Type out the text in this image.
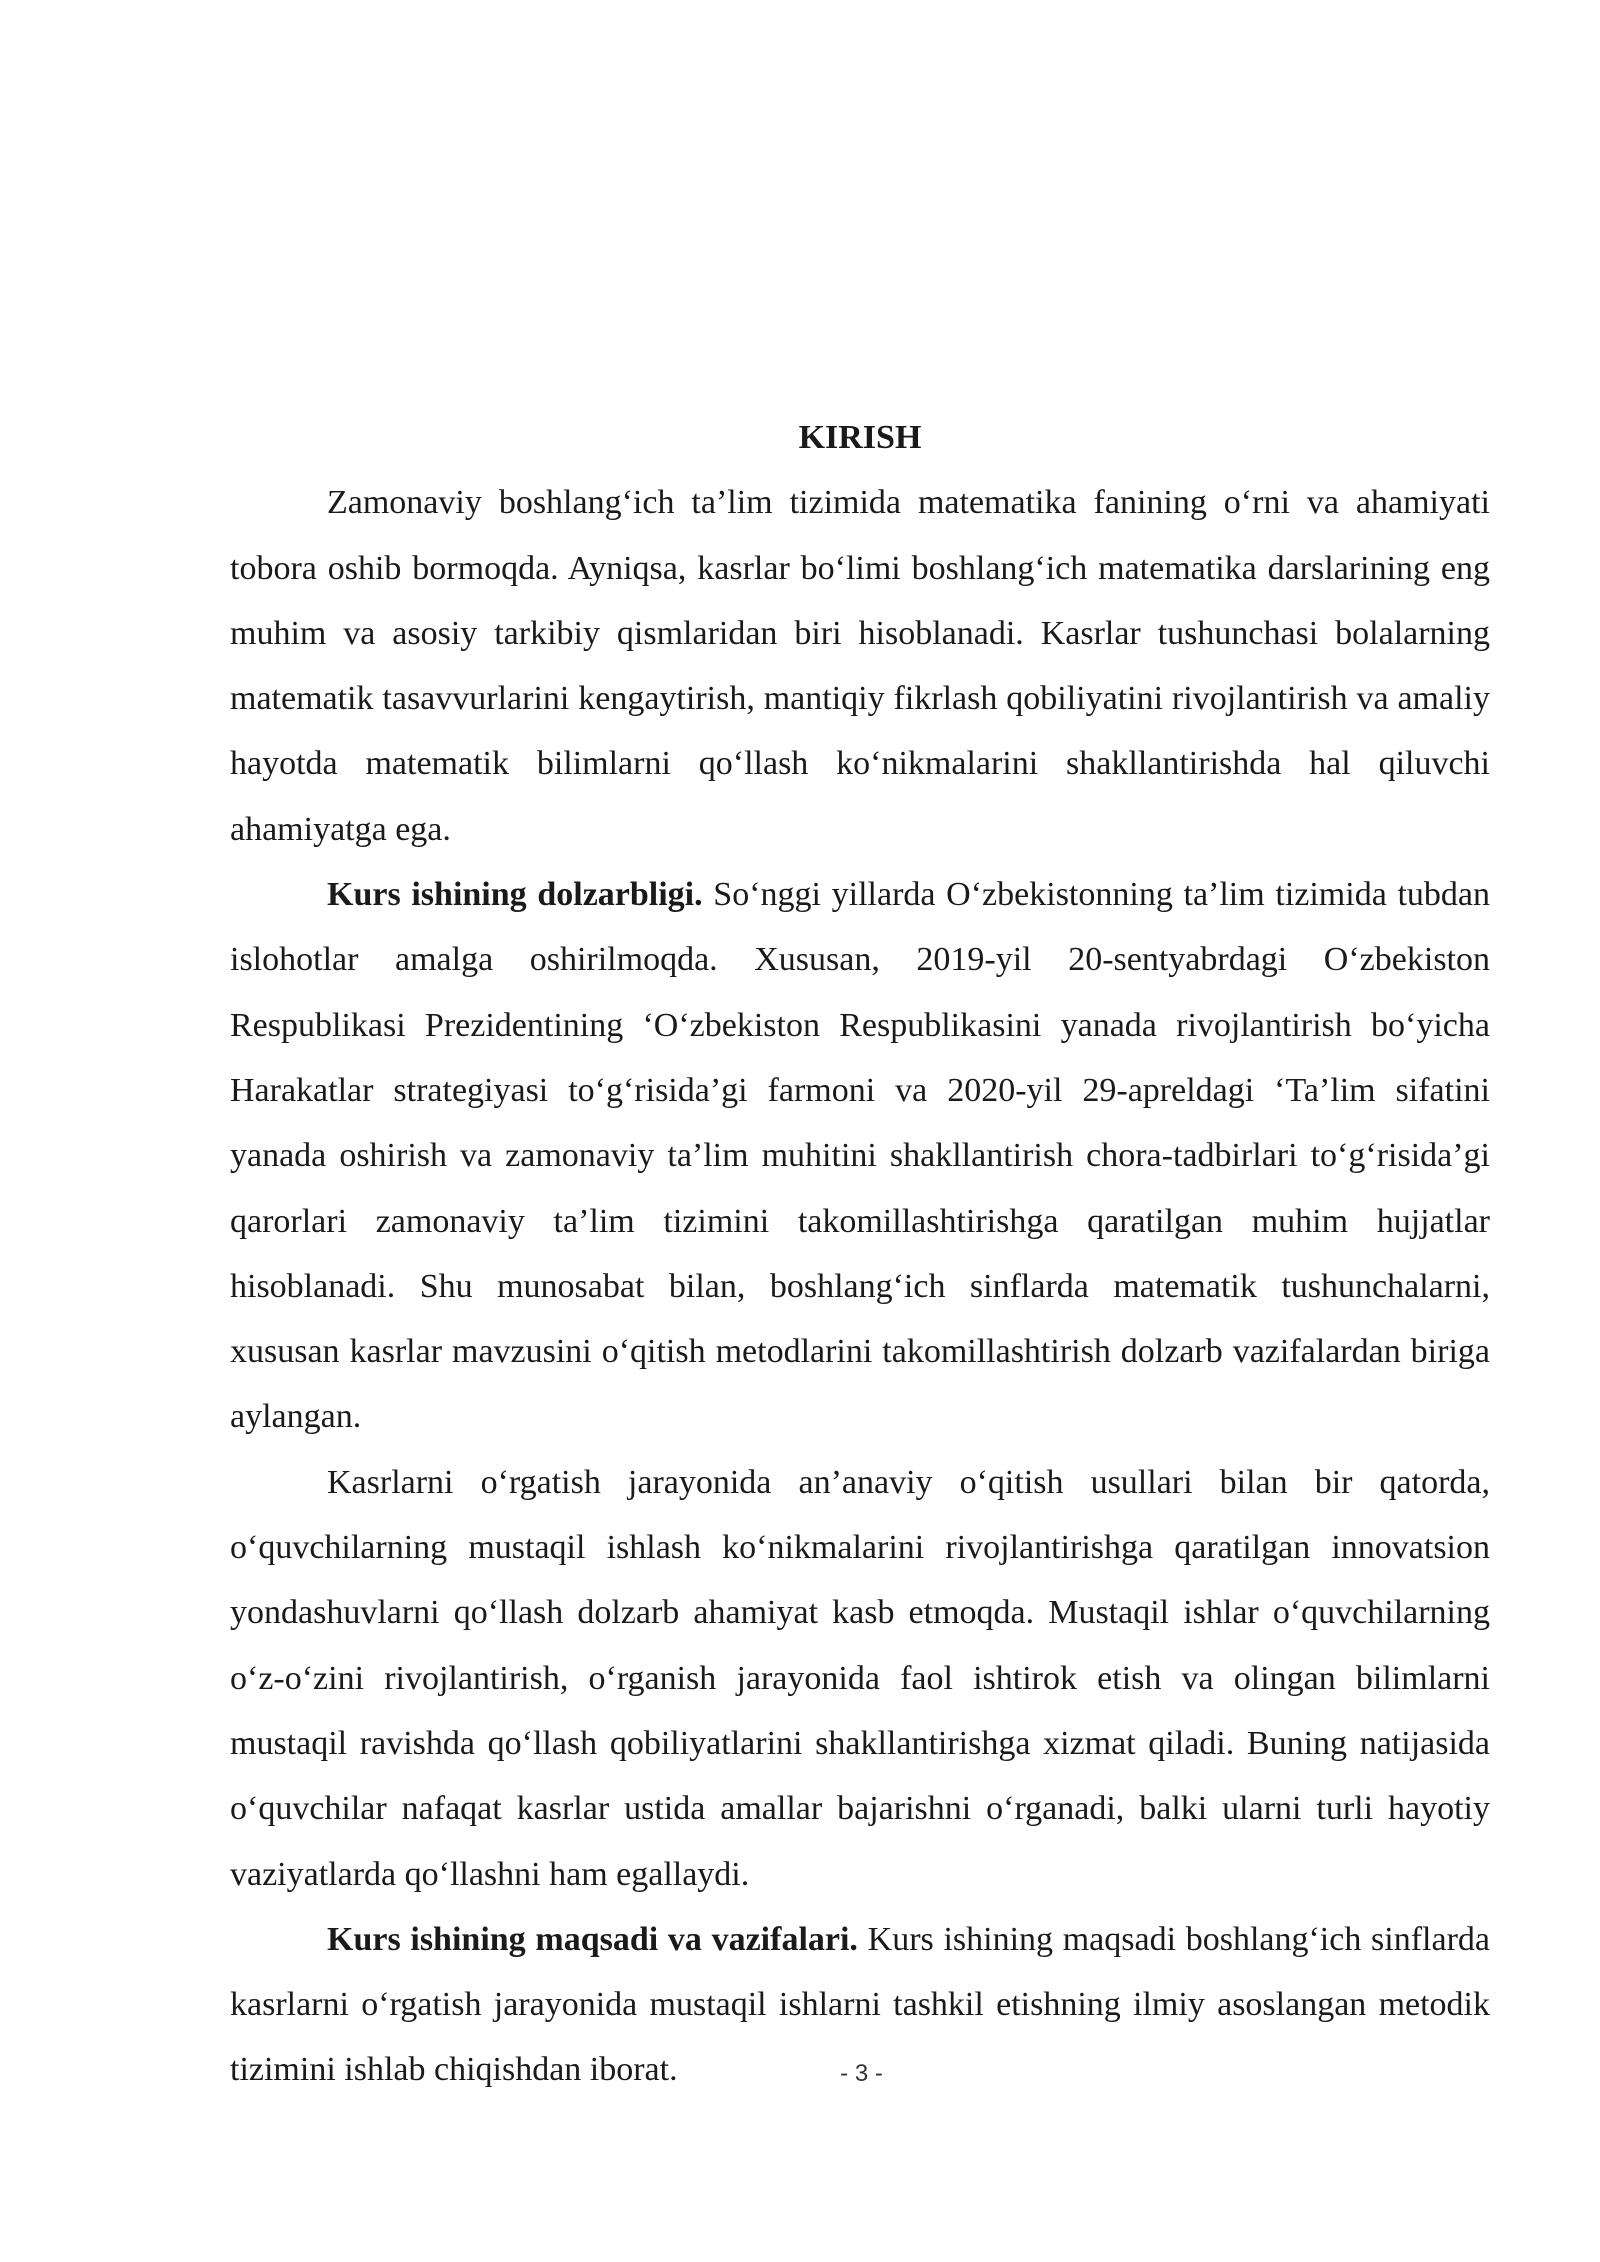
KIRISH

Zamonaviy boshlang‘ich ta’lim tizimida matematika fanining o‘rni va ahamiyati tobora oshib bormoqda. Ayniqsa, kasrlar bo‘limi boshlang‘ich matematika darslarining eng muhim va asosiy tarkibiy qismlaridan biri hisoblanadi. Kasrlar tushunchasi bolalarning matematik tasavvurlarini kengaytirish, mantiqiy fikrlash qobiliyatini rivojlantirish va amaliy hayotda matematik bilimlarni qo‘llash ko‘nikmalarini shakllantirishda hal qiluvchi ahamiyatga ega.

Kurs ishining dolzarbligi. So‘nggi yillarda O‘zbekistonning ta’lim tizimida tubdan islohotlar amalga oshirilmoqda. Xususan, 2019-yil 20-sentyabrdagi O‘zbekiston Respublikasi Prezidentining ‘O‘zbekiston Respublikasini yanada rivojlantirish bo‘yicha Harakatlar strategiyasi to‘g‘risida’gi farmoni va 2020-yil 29-apreldagi ‘Ta’lim sifatini yanada oshirish va zamonaviy ta’lim muhitini shakllantirish chora-tadbirlari to‘g‘risida’gi qarorlari zamonaviy ta’lim tizimini takomillashtirishga qaratilgan muhim hujjatlar hisoblanadi. Shu munosabat bilan, boshlang‘ich sinflarda matematik tushunchalarni, xususan kasrlar mavzusini o‘qitish metodlarini takomillashtirish dolzarb vazifalardan biriga aylangan.

Kasrlarni o‘rgatish jarayonida an’anaviy o‘qitish usullari bilan bir qatorda, o‘quvchilarning mustaqil ishlash ko‘nikmalarini rivojlantirishga qaratilgan innovatsion yondashuvlarni qo‘llash dolzarb ahamiyat kasb etmoqda. Mustaqil ishlar o‘quvchilarning o‘z-o‘zini rivojlantirish, o‘rganish jarayonida faol ishtirok etish va olingan bilimlarni mustaqil ravishda qo‘llash qobiliyatlarini shakllantirishga xizmat qiladi. Buning natijasida o‘quvchilar nafaqat kasrlar ustida amallar bajarishni o‘rganadi, balki ularni turli hayotiy vaziyatlarda qo‘llashni ham egallaydi.

Kurs ishining maqsadi va vazifalari. Kurs ishining maqsadi boshlang‘ich sinflarda kasrlarni o‘rgatish jarayonida mustaqil ishlarni tashkil etishning ilmiy asoslangan metodik tizimini ishlab chiqishdan iborat.	- 3 -
